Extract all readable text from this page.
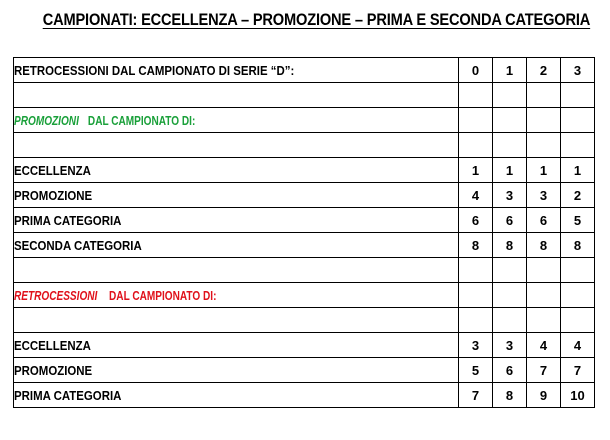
CAMPIONATI: ECCELLENZA – PROMOZIONE – PRIMA E SECONDA CATEGORIA
RETROCESSIONI DAL CAMPIONATO DI SERIE “D”:	0	1	2	3

PROMOZIONIDAL CAMPIONATO DI:				

ECCELLENZA	1	1	1	1
PROMOZIONE	4	3	3	2
PRIMA CATEGORIA	6	6	6	5
SECONDA CATEGORIA	8	8	8	8

RETROCESSIONIDAL CAMPIONATO DI:				

ECCELLENZA	3	3	4	4
PROMOZIONE	5	6	7	7
PRIMA CATEGORIA	7	8	9	10
